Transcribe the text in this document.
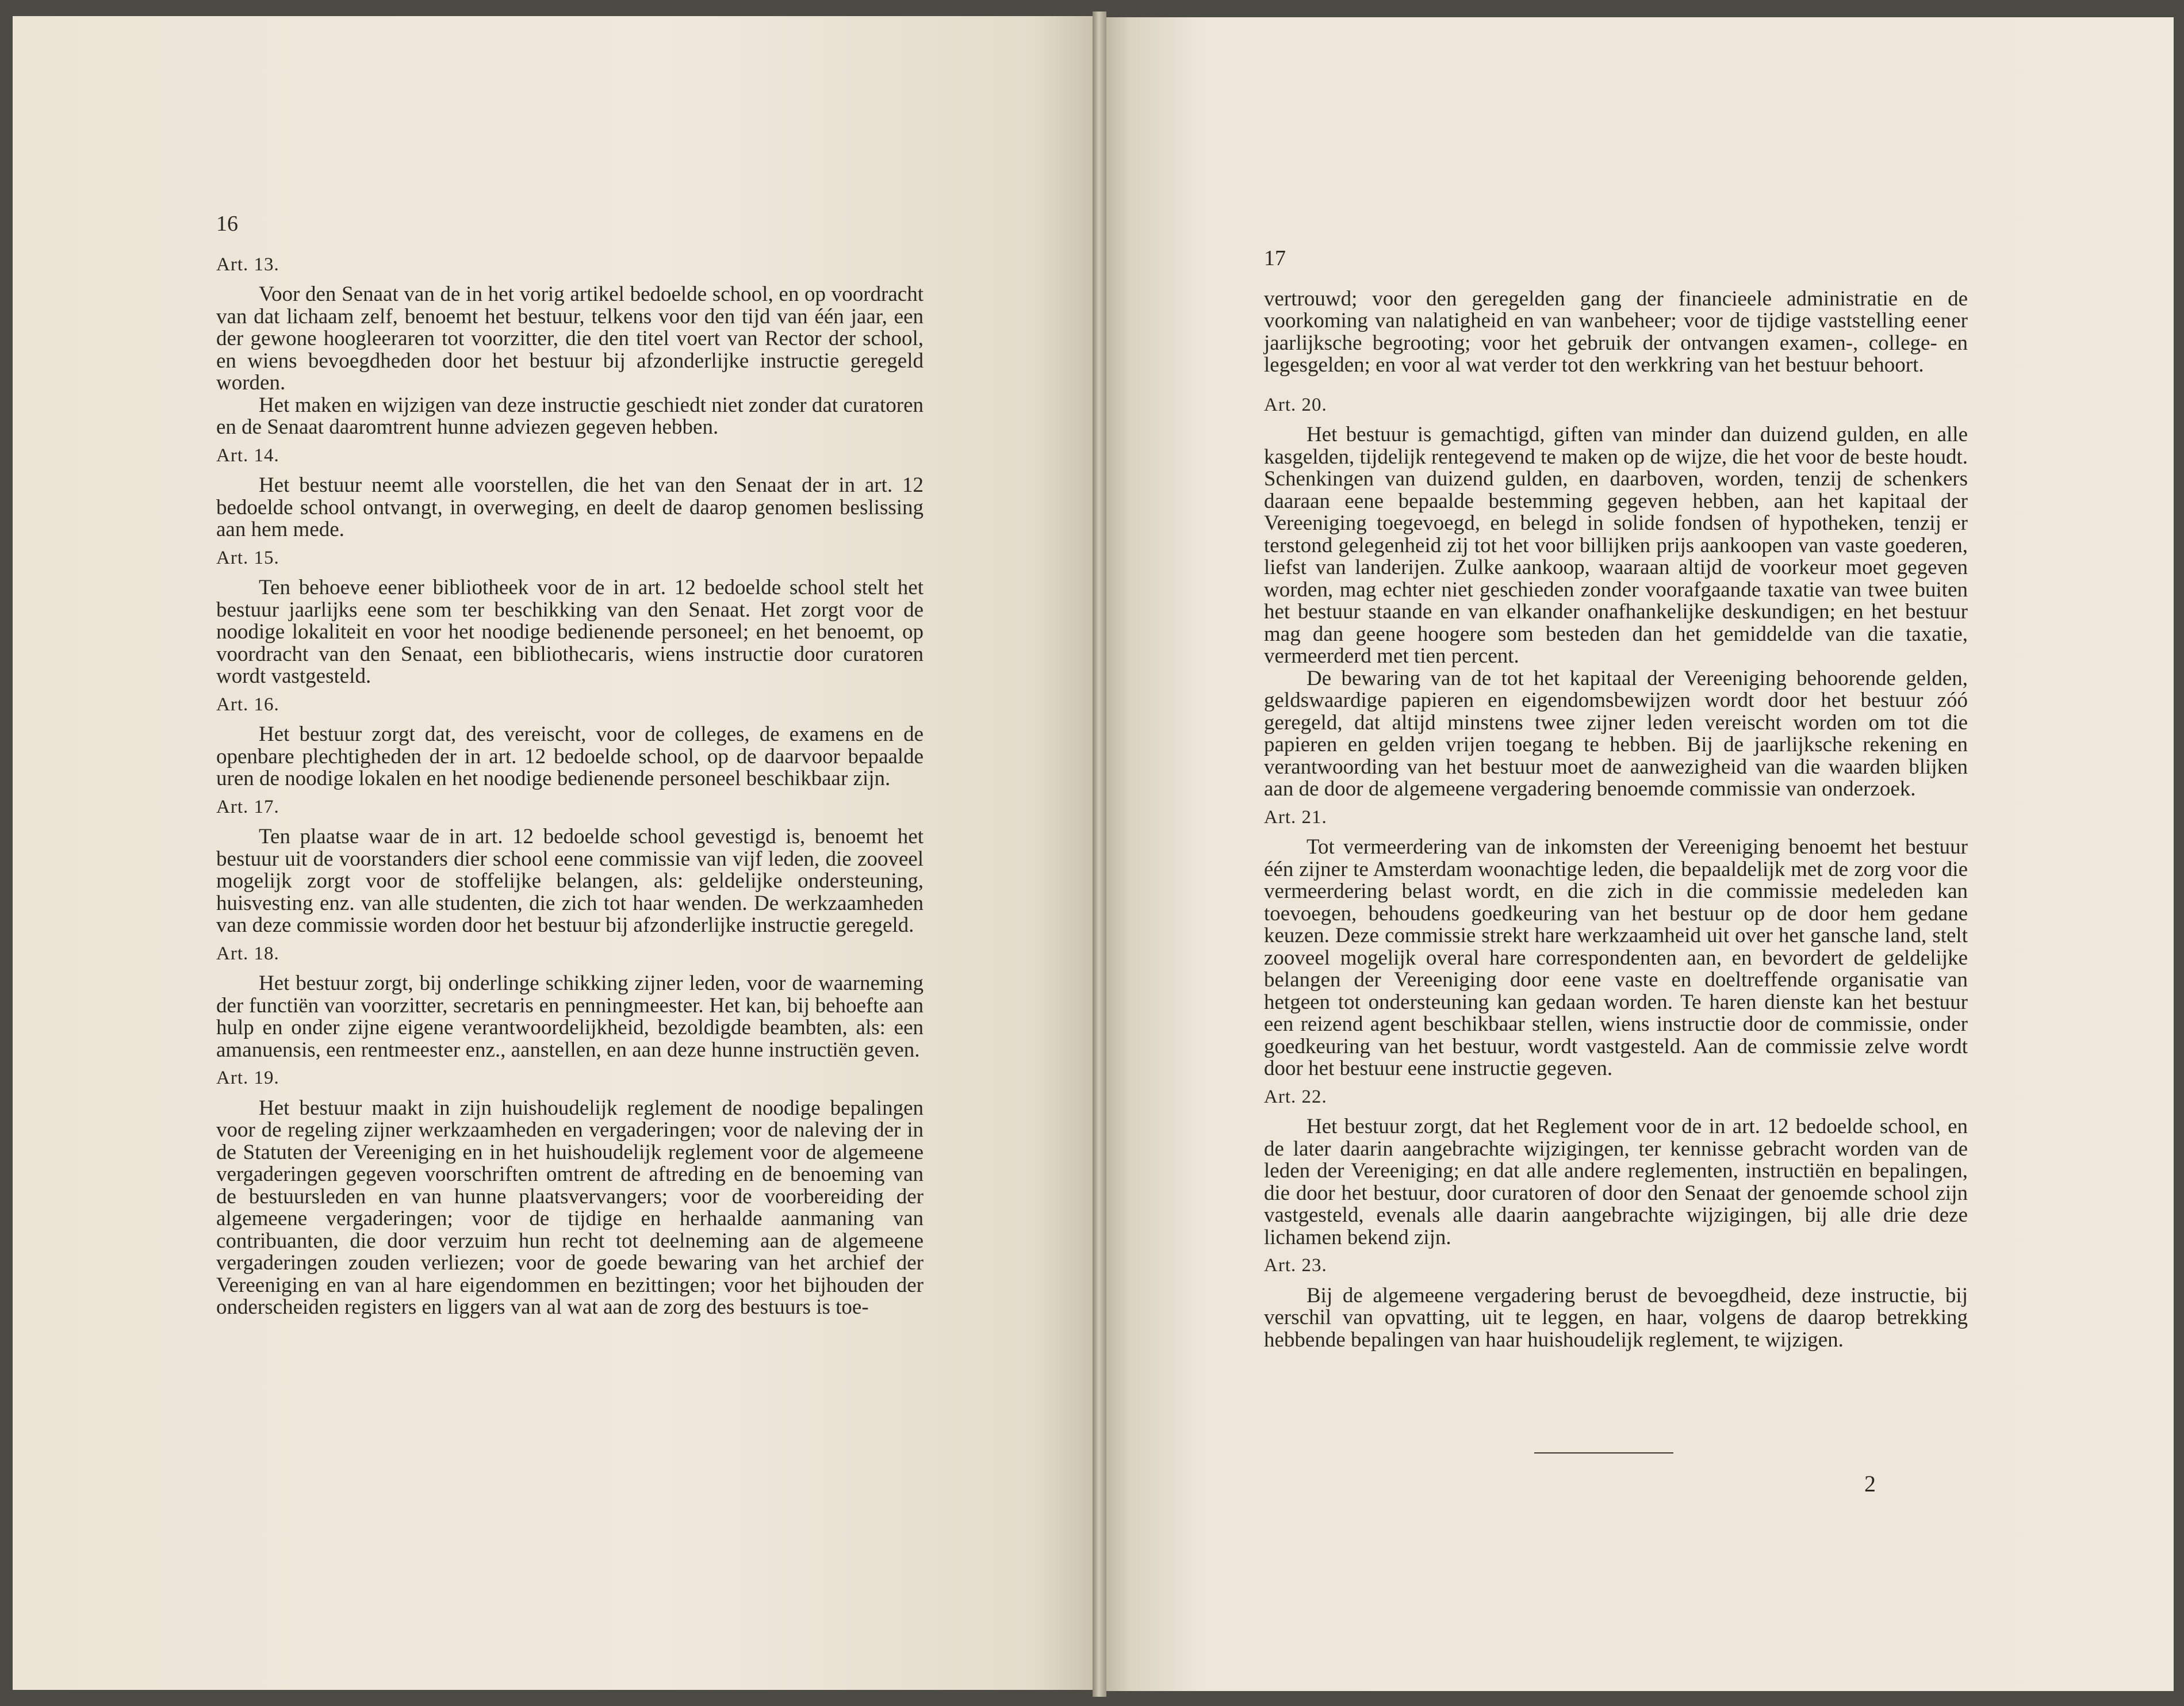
16
Art. 13.

Voor den Senaat van de in het vorig artikel bedoelde school, en op voordracht van dat lichaam zelf, benoemt het bestuur, telkens voor den tijd van één jaar, een der gewone hoogleeraren tot voorzitter, die den titel voert van Rector der school, en wiens bevoegdheden door het bestuur bij afzonderlijke instructie geregeld worden.

Het maken en wijzigen van deze instructie geschiedt niet zonder dat curatoren en de Senaat daaromtrent hunne adviezen gegeven hebben.

Art. 14.

Het bestuur neemt alle voorstellen, die het van den Senaat der in art. 12 bedoelde school ontvangt, in overweging, en deelt de daarop genomen beslissing aan hem mede.

Art. 15.

Ten behoeve eener bibliotheek voor de in art. 12 bedoelde school stelt het bestuur jaarlijks eene som ter beschikking van den Senaat. Het zorgt voor de noodige lokaliteit en voor het noodige bedienende personeel; en het benoemt, op voordracht van den Senaat, een bibliothecaris, wiens instructie door curatoren wordt vastgesteld.

Art. 16.

Het bestuur zorgt dat, des vereischt, voor de colleges, de examens en de openbare plechtigheden der in art. 12 bedoelde school, op de daarvoor bepaalde uren de noodige lokalen en het noodige bedienende personeel beschikbaar zijn.

Art. 17.

Ten plaatse waar de in art. 12 bedoelde school gevestigd is, benoemt het bestuur uit de voorstanders dier school eene commissie van vijf leden, die zooveel mogelijk zorgt voor de stoffelijke belangen, als: geldelijke ondersteuning, huisvesting enz. van alle studenten, die zich tot haar wenden. De werkzaamheden van deze commissie worden door het bestuur bij afzonderlijke instructie geregeld.

Art. 18.

Het bestuur zorgt, bij onderlinge schikking zijner leden, voor de waarneming der functiën van voorzitter, secretaris en penningmeester. Het kan, bij behoefte aan hulp en onder zijne eigene verantwoordelijkheid, bezoldigde beambten, als: een amanuensis, een rentmeester enz., aanstellen, en aan deze hunne instructiën geven.

Art. 19.

Het bestuur maakt in zijn huishoudelijk reglement de noodige bepalingen voor de regeling zijner werkzaamheden en vergaderingen; voor de naleving der in de Statuten der Vereeniging en in het huishoudelijk reglement voor de algemeene vergaderingen gegeven voorschriften omtrent de aftreding en de benoeming van de bestuursleden en van hunne plaatsvervangers; voor de voorbereiding der algemeene vergaderingen; voor de tijdige en herhaalde aanmaning van contribuanten, die door verzuim hun recht tot deelneming aan de algemeene vergaderingen zouden verliezen; voor de goede bewaring van het archief der Vereeniging en van al hare eigendommen en bezittingen; voor het bijhouden der onderscheiden registers en liggers van al wat aan de zorg des bestuurs is toe-

17

vertrouwd; voor den geregelden gang der financieele administratie en de voorkoming van nalatigheid en van wanbeheer; voor de tijdige vaststelling eener jaarlijksche begrooting; voor het gebruik der ontvangen examen-, college- en legesgelden; en voor al wat verder tot den werkkring van het bestuur behoort.

Art. 20.

Het bestuur is gemachtigd, giften van minder dan duizend gulden, en alle kasgelden, tijdelijk rentegevend te maken op de wijze, die het voor de beste houdt. Schenkingen van duizend gulden, en daarboven, worden, tenzij de schenkers daaraan eene bepaalde bestemming gegeven hebben, aan het kapitaal der Vereeniging toegevoegd, en belegd in solide fondsen of hypotheken, tenzij er terstond gelegenheid zij tot het voor billijken prijs aankoopen van vaste goederen, liefst van landerijen. Zulke aankoop, waaraan altijd de voorkeur moet gegeven worden, mag echter niet geschieden zonder voorafgaande taxatie van twee buiten het bestuur staande en van elkander onafhankelijke deskundigen; en het bestuur mag dan geene hoogere som besteden dan het gemiddelde van die taxatie, vermeerderd met tien percent.

De bewaring van de tot het kapitaal der Vereeniging behoorende gelden, geldswaardige papieren en eigendomsbewijzen wordt door het bestuur zóó geregeld, dat altijd minstens twee zijner leden vereischt worden om tot die papieren en gelden vrijen toegang te hebben. Bij de jaarlijksche rekening en verantwoording van het bestuur moet de aanwezigheid van die waarden blijken aan de door de algemeene vergadering benoemde commissie van onderzoek.

Art. 21.

Tot vermeerdering van de inkomsten der Vereeniging benoemt het bestuur één zijner te Amsterdam woonachtige leden, die bepaaldelijk met de zorg voor die vermeerdering belast wordt, en die zich in die commissie medeleden kan toevoegen, behoudens goedkeuring van het bestuur op de door hem gedane keuzen. Deze commissie strekt hare werkzaamheid uit over het gansche land, stelt zooveel mogelijk overal hare correspondenten aan, en bevordert de geldelijke belangen der Vereeniging door eene vaste en doeltreffende organisatie van hetgeen tot ondersteuning kan gedaan worden. Te haren dienste kan het bestuur een reizend agent beschikbaar stellen, wiens instructie door de commissie, onder goedkeuring van het bestuur, wordt vastgesteld. Aan de commissie zelve wordt door het bestuur eene instructie gegeven.

Art. 22.

Het bestuur zorgt, dat het Reglement voor de in art. 12 bedoelde school, en de later daarin aangebrachte wijzigingen, ter kennisse gebracht worden van de leden der Vereeniging; en dat alle andere reglementen, instructiën en bepalingen, die door het bestuur, door curatoren of door den Senaat der genoemde school zijn vastgesteld, evenals alle daarin aangebrachte wijzigingen, bij alle drie deze lichamen bekend zijn.

Art. 23.

Bij de algemeene vergadering berust de bevoegdheid, deze instructie, bij verschil van opvatting, uit te leggen, en haar, volgens de daarop betrekking hebbende bepalingen van haar huishoudelijk reglement, te wijzigen.

2
